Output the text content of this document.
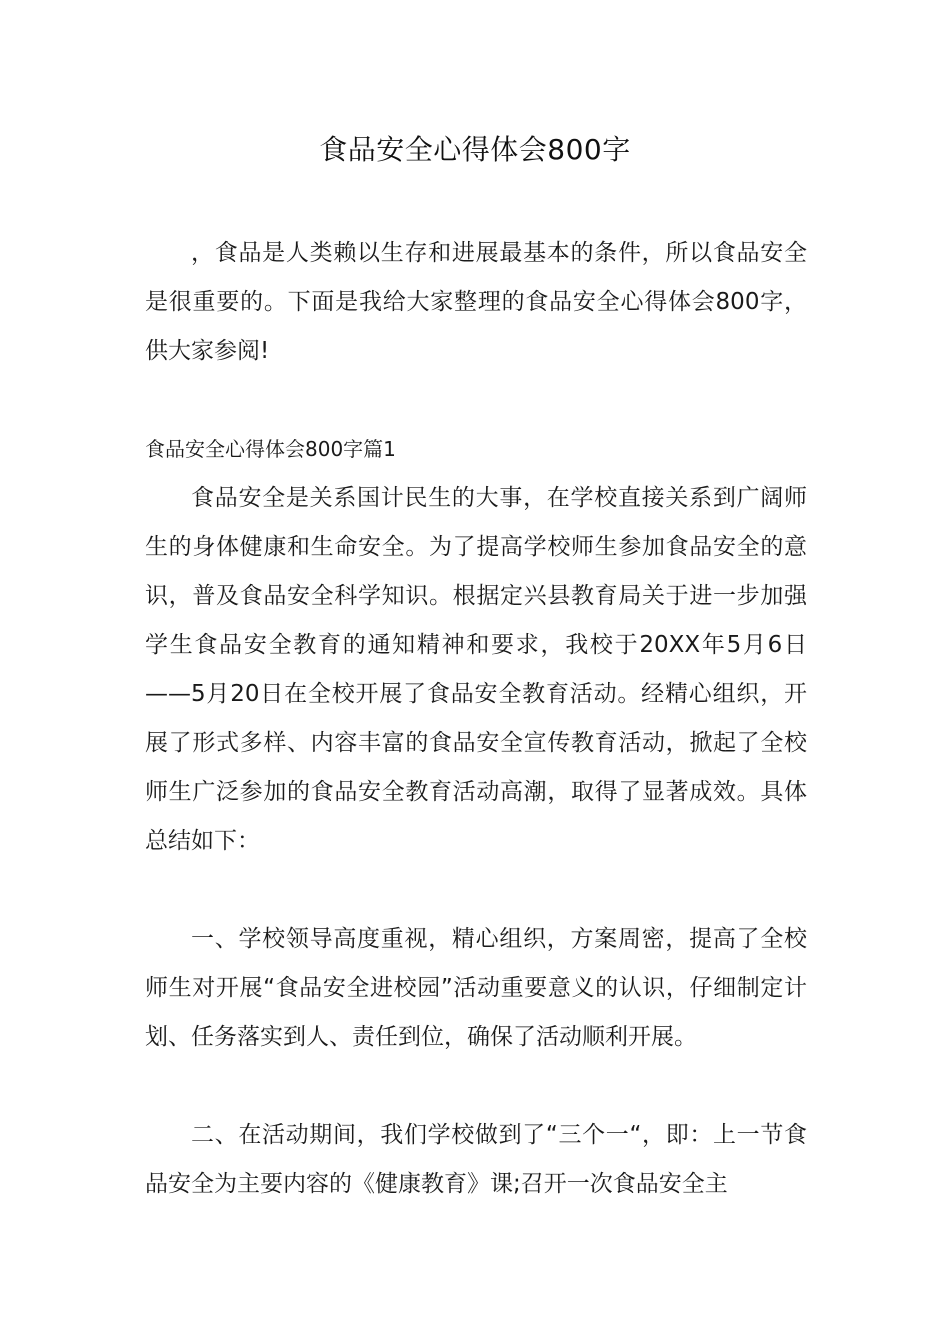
食品安全心得体会800字

，食品是人类赖以生存和进展最基本的条件，所以食品安全是很重要的。下面是我给大家整理的食品安全心得体会800字，供大家参阅!

食品安全心得体会800字篇1

食品安全是关系国计民生的大事，在学校直接关系到广阔师生的身体健康和生命安全。为了提高学校师生参加食品安全的意识，普及食品安全科学知识。根据定兴县教育局关于进一步加强学生食品安全教育的通知精神和要求，我校于20XX年5月6日——5月20日在全校开展了食品安全教育活动。经精心组织，开展了形式多样、内容丰富的食品安全宣传教育活动，掀起了全校师生广泛参加的食品安全教育活动高潮，取得了显著成效。具体总结如下：

一、学校领导高度重视，精心组织，方案周密，提高了全校师生对开展“食品安全进校园”活动重要意义的认识，仔细制定计划、任务落实到人、责任到位，确保了活动顺利开展。

二、在活动期间，我们学校做到了“三个一“，即：上一节食品安全为主要内容的《健康教育》课;召开一次食品安全主
